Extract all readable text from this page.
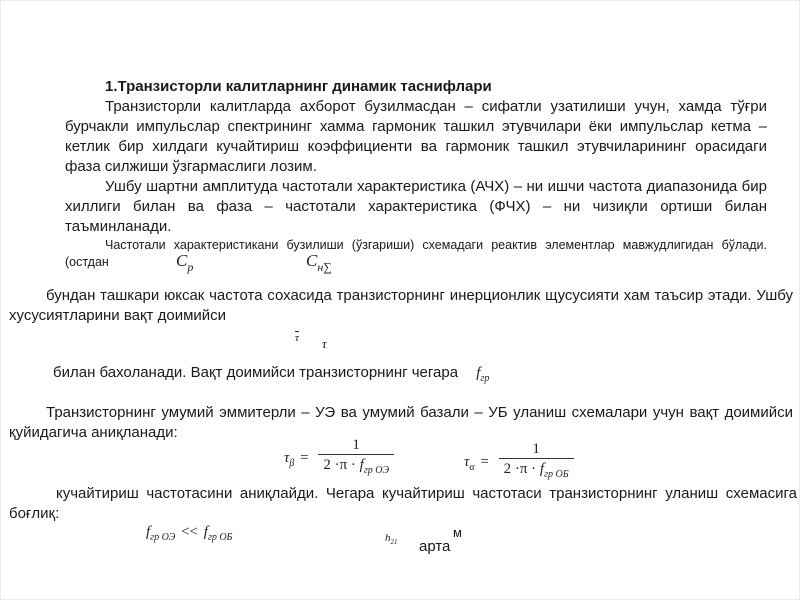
1.Транзисторли калитларнинг динамик таснифлари

Транзисторли калитларда ахборот бузилмасдан – сифатли узатилиши учун, хамда тўғри бурчакли импульслар спектрининг хамма гармоник ташкил этувчилари ёки импульслар кетма – кетлик бир хилдаги кучайтириш коэффициенти ва гармоник ташкил этувчиларининг орасидаги фаза силжиши ўзгармаслиги лозим.

Ушбу шартни амплитуда частотали характеристика (АЧХ) – ни ишчи частота диапазонида бир хиллиги билан ва фаза – частотали характеристика (ФЧХ) – ни чизиқли ортиши билан таъминланади.

Частотали характеристикани бузилиши (ўзгариши) схемадаги реактив элементлар мавжудлигидан бўлади. (остдан	$C_p$	$C_{н\sum}$

бундан ташкари юксак частота сохасида транзисторнинг инерционлик щусусияти хам таъсир этади. Ушбу хусусиятларини вақт доимийси

$\overline{\tau}$ τ
билан бахоланади. Вақт доимийси транзисторнинг чегара $f_{гр}$

Транзисторнинг умумий эммитерли – УЭ ва умумий базали – УБ уланиш схемалари учун вақт доимийси қуйидагича аниқланади:

$\tau_\beta = \frac{1}{2 \cdot\pi \cdot f_{гр ОЭ}}$	$\tau_\alpha = \frac{1}{2 \cdot\pi \cdot f_{гр ОБ}}$

кучайтириш частотасини аниқлайди. Чегара кучайтириш частотаси транзисторнинг уланиш схемасига боғлиқ:

$f_{гр ОЭ} << f_{гр ОБ}$	$h_{21}$
м
арта
